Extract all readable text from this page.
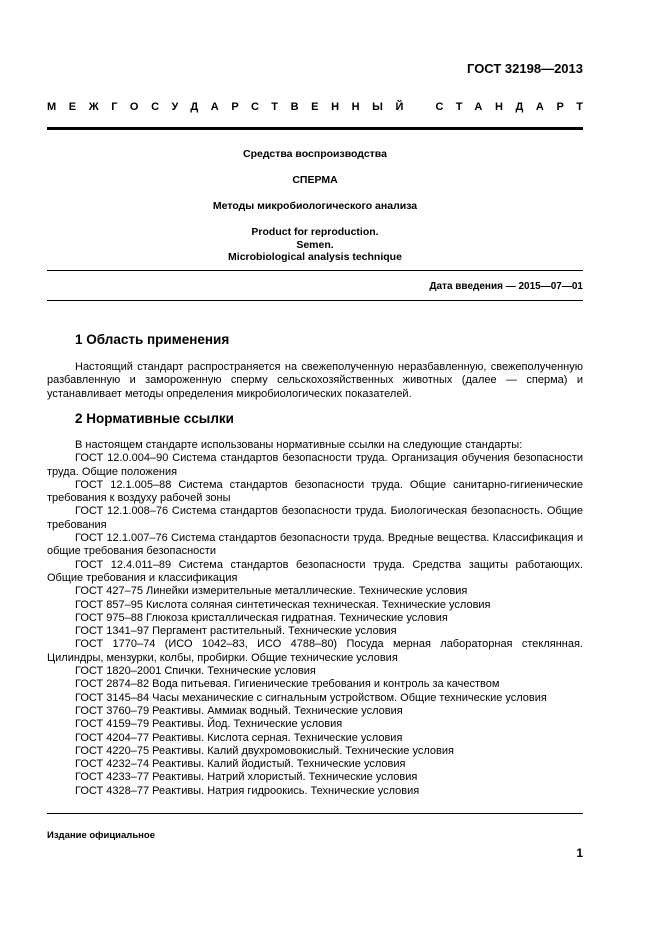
ГОСТ 32198—2013
МЕЖГОСУДАРСТВЕННЫЙ СТАНДАРТ
Средства воспроизводства
СПЕРМА
Методы микробиологического анализа
Product for reproduction.
Semen.
Microbiological analysis technique
Дата введения — 2015—07—01
1 Область применения
Настоящий стандарт распространяется на свежеполученную неразбавленную, свежеполученную разбавленную и замороженную сперму сельскохозяйственных животных (далее — сперма) и устанавливает методы определения микробиологических показателей.
2 Нормативные ссылки
В настоящем стандарте использованы нормативные ссылки на следующие стандарты:
ГОСТ 12.0.004–90 Система стандартов безопасности труда. Организация обучения безопасности труда. Общие положения
ГОСТ 12.1.005–88 Система стандартов безопасности труда. Общие санитарно-гигиенические требования к воздуху рабочей зоны
ГОСТ 12.1.008–76 Система стандартов безопасности труда. Биологическая безопасность. Общие требования
ГОСТ 12.1.007–76 Система стандартов безопасности труда. Вредные вещества. Классификация и общие требования безопасности
ГОСТ 12.4.011–89 Система стандартов безопасности труда. Средства защиты работающих. Общие требования и классификация
ГОСТ 427–75 Линейки измерительные металлические. Технические условия
ГОСТ 857–95 Кислота соляная синтетическая техническая. Технические условия
ГОСТ 975–88 Глюкоза кристаллическая гидратная. Технические условия
ГОСТ 1341–97 Пергамент растительный. Технические условия
ГОСТ 1770–74 (ИСО 1042–83, ИСО 4788–80) Посуда мерная лабораторная стеклянная. Цилиндры, мензурки, колбы, пробирки. Общие технические условия
ГОСТ 1820–2001 Спички. Технические условия
ГОСТ 2874–82 Вода питьевая. Гигиенические требования и контроль за качеством
ГОСТ 3145–84 Часы механические с сигнальным устройством. Общие технические условия
ГОСТ 3760–79 Реактивы. Аммиак водный. Технические условия
ГОСТ 4159–79 Реактивы. Йод. Технические условия
ГОСТ 4204–77 Реактивы. Кислота серная. Технические условия
ГОСТ 4220–75 Реактивы. Калий двухромовокислый. Технические условия
ГОСТ 4232–74 Реактивы. Калий йодистый. Технические условия
ГОСТ 4233–77 Реактивы. Натрий хлористый. Технические условия
ГОСТ 4328–77 Реактивы. Натрия гидроокись. Технические условия
Издание официальное
1
